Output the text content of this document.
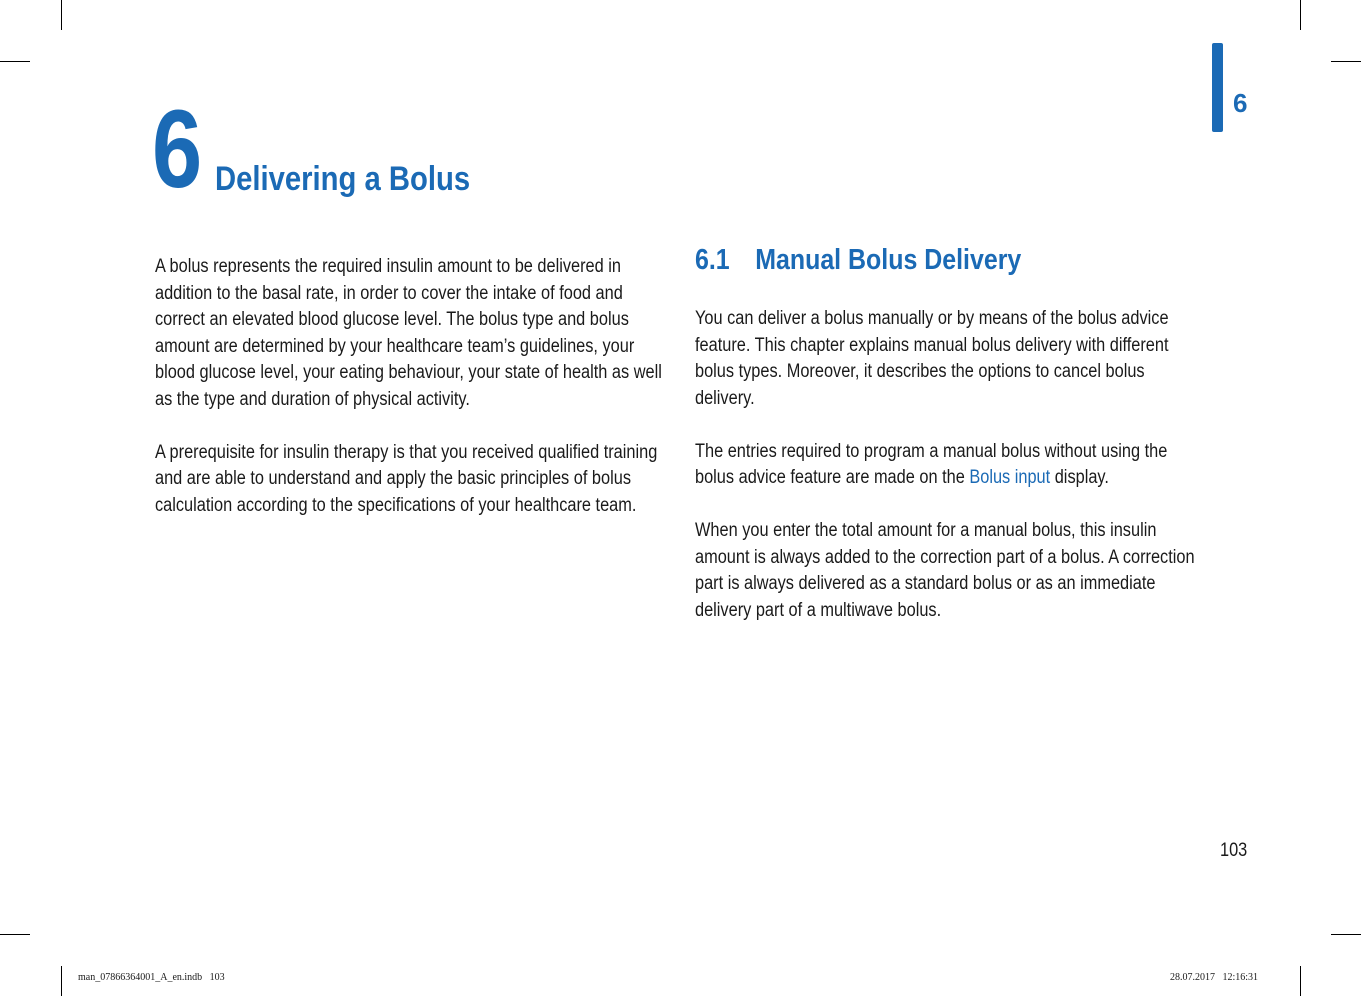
6
6 Delivering a Bolus

A bolus represents the required insulin amount to be delivered in addition to the basal rate, in order to cover the intake of food and correct an elevated blood glucose level. The bolus type and bolus amount are determined by your healthcare team’s guidelines, your blood glucose level, your eating behaviour, your state of health as well as the type and duration of physical activity.

A prerequisite for insulin therapy is that you received qualified training and are able to understand and apply the basic principles of bolus calculation according to the specifications of your healthcare team.

6.1 Manual Bolus Delivery

You can deliver a bolus manually or by means of the bolus advice feature. This chapter explains manual bolus delivery with different bolus types. Moreover, it describes the options to cancel bolus delivery.

The entries required to program a manual bolus without using the bolus advice feature are made on the Bolus input display.

When you enter the total amount for a manual bolus, this insulin amount is always added to the correction part of a bolus. A correction part is always delivered as a standard bolus or as an immediate delivery part of a multiwave bolus.

103
man_07866364001_A_en.indb   103	28.07.2017   12:16:31
